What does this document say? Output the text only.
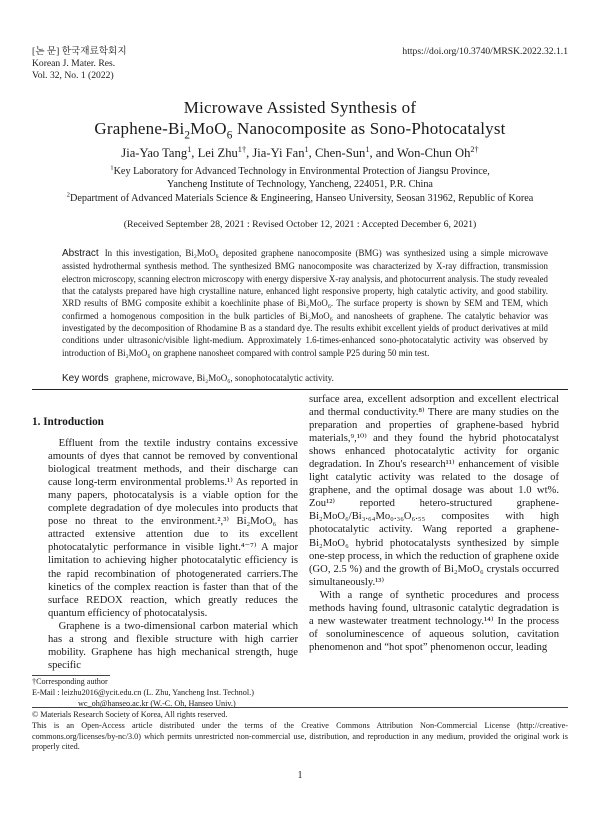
[논 문] 한국재료학회지
Korean J. Mater. Res.
Vol. 32, No. 1 (2022)
https://doi.org/10.3740/MRSK.2022.32.1.1
Microwave Assisted Synthesis of
Graphene-$Bi_2MoO_6$ Nanocomposite as Sono-Photocatalyst
Jia-Yao Tang$^1$, Lei Zhu$^{1\dagger}$, Jia-Yi Fan$^1$, Chen-Sun$^1$, and Won-Chun $Oh^{2\dagger}$
$^1$Key Laboratory for Advanced Technology in Environmental Protection of Jiangsu Province,
Yancheng Institute of Technology, Yancheng, 224051, P.R. China
$^2$Department of Advanced Materials Science & Engineering, Hanseo University, Seosan 31962, Republic of Korea
(Received September 28, 2021 : Revised October 12, 2021 : Accepted December 6, 2021)
Abstract In this investigation, Bi₂MoO₆ deposited graphene nanocomposite (BMG) was synthesized using a simple microwave assisted hydrothermal synthesis method. The synthesized BMG nanocomposite was characterized by X-ray diffraction, transmission electron microscopy, scanning electron microscopy with energy dispersive X-ray analysis, and photocurrent analysis. The study revealed that the catalysts prepared have high crystalline nature, enhanced light responsive property, high catalytic activity, and good stability. XRD results of BMG composite exhibit a koechlinite phase of Bi₂MoO₆. The surface property is shown by SEM and TEM, which confirmed a homogenous composition in the bulk particles of Bi₂MoO₆ and nanosheets of graphene. The catalytic behavior was investigated by the decomposition of Rhodamine B as a standard dye. The results exhibit excellent yields of product derivatives at mild conditions under ultrasonic/visible light-medium. Approximately 1.6-times-enhanced sono-photocatalytic activity was observed by introduction of Bi₂MoO₆ on graphene nanosheet compared with control sample P25 during 50 min test.
Key words graphene, microwave, Bi₂MoO₆, sonophotocatalytic activity.

1. Introduction

Effluent from the textile industry contains excessive amounts of dyes that cannot be removed by conventional biological treatment methods, and their discharge can cause long-term environmental problems.¹⁾ As reported in many papers, photocatalysis is a viable option for the complete degradation of dye molecules into products that pose no threat to the environment.²,³⁾ Bi₂MoO₆ has attracted extensive attention due to its excellent photocatalytic performance in visible light.⁴⁻⁷⁾ A major limitation to achieving higher photocatalytic efficiency is the rapid recombination of photogenerated carriers.The kinetics of the complex reaction is faster than that of the surface REDOX reaction, which greatly reduces the quantum efficiency of photocatalysis.

Graphene is a two-dimensional carbon material which has a strong and flexible structure with high carrier mobility. Graphene has high mechanical strength, huge specific

surface area, excellent adsorption and excellent electrical and thermal conductivity.⁸⁾ There are many studies on the preparation and properties of graphene-based hybrid materials,⁹,¹⁰⁾ and they found the hybrid photocatalyst shows enhanced photocatalytic activity for organic degradation. In Zhou's research¹¹⁾ enhancement of visible light catalytic activity was related to the dosage of graphene, and the optimal dosage was about 1.0 wt%. Zou¹²⁾ reported hetero-structured graphene-Bi₂MoO₆/Bi₃.₆₄Mo₀.₃₆O₆.₅₅ composites with high photocatalytic activity. Wang reported a graphene-Bi₂MoO₆ hybrid photocatalysts synthesized by simple one-step process, in which the reduction of graphene oxide (GO, 2.5 %) and the growth of Bi₂MoO₆ crystals occurred simultaneously.¹³⁾

With a range of synthetic procedures and process methods having found, ultrasonic catalytic degradation is a new wastewater treatment technology.¹⁴⁾ In the process of sonoluminescence of aqueous solution, cavitation phenomenon and “hot spot” phenomenon occur, leading

†Corresponding author
E-Mail : leizhu2016@ycit.edu.cn (L. Zhu, Yancheng Inst. Technol.)
wc_oh@hanseo.ac.kr (W.-C. Oh, Hanseo Univ.)
© Materials Research Society of Korea, All rights reserved.
This is an Open-Access article distributed under the terms of the Creative Commons Attribution Non-Commercial License (http://creative-commons.org/licenses/by-nc/3.0) which permits unrestricted non-commercial use, distribution, and reproduction in any medium, provided the original work is properly cited.
1
